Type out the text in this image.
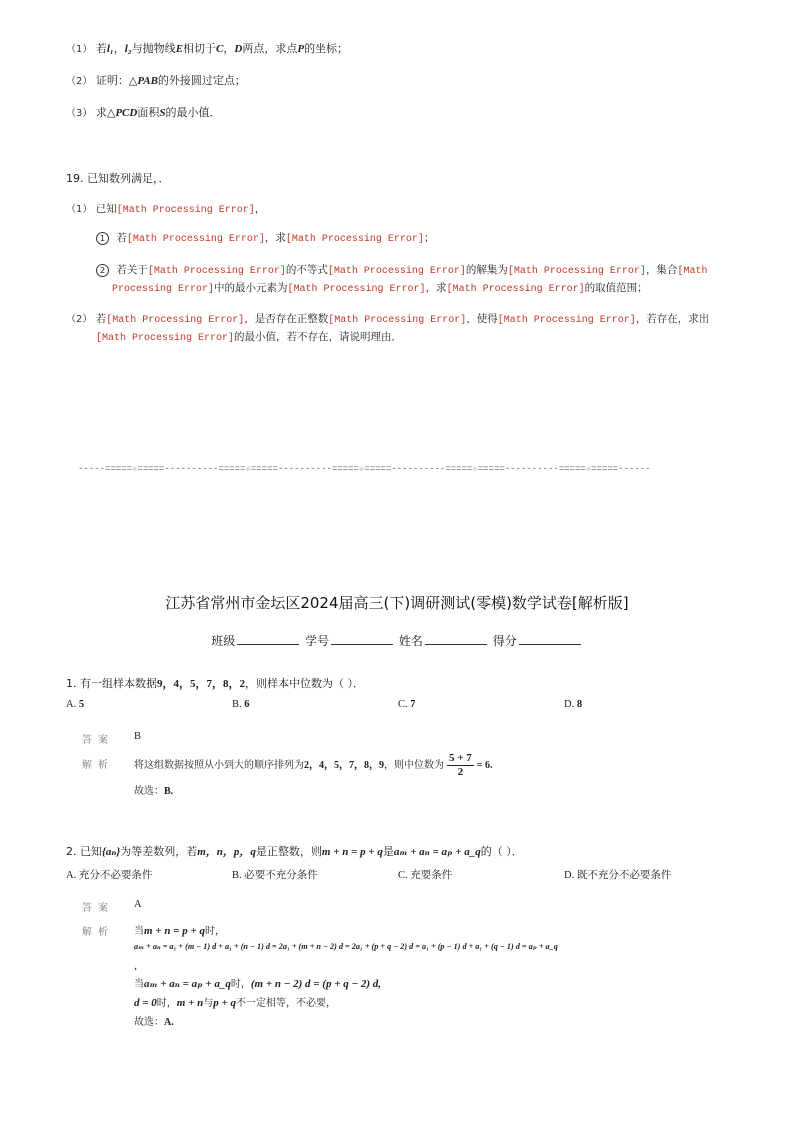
（1） 若l₁，l₂与抛物线E相切于C，D两点，求点P的坐标；
（2） 证明：△PAB的外接圆过定点；
（3） 求△PCD面积S的最小值．
19. 已知数列满足，．
（1） 已知[Math Processing Error]，
1 若[Math Processing Error]，求[Math Processing Error]；
2 若关于[Math Processing Error]的不等式[Math Processing Error]的解集为[Math Processing Error]，集合[Math
Processing Error]中的最小元素为[Math Processing Error]，求[Math Processing Error]的取值范围；
（2） 若[Math Processing Error]，是否存在正整数[Math Processing Error]，使得[Math Processing Error]，若存在，求出
[Math Processing Error]的最小值，若不存在，请说明理由．
-----=====☆=====----------=====☆=====----------=====☆=====----------=====☆=====----------=====☆=====------
江苏省常州市金坛区2024届高三(下)调研测试(零模)数学试卷[解析版]
班级	学号	姓名	得分
1. 有一组样本数据9，4，5，7，8，2，则样本中位数为（ ）．
A. 5	B. 6	C. 7	D. 8
答案 B
解析 将这组数据按照从小到大的顺序排列为2，4，5，7，8，9，则中位数为 $\frac{5 + 7}{2} = 6$.
故选：B.
2. 已知{aₙ}为等差数列，若m，n，p，q是正整数，则m + n = p + q是aₘ + aₙ = aₚ + a_q的（ ）．
A. 充分不必要条件	B. 必要不充分条件	C. 充要条件	D. 既不充分不必要条件
答案 A
解析 当m + n = p + q时，
aₘ + aₙ = a₁ + (m − 1) d + a₁ + (n − 1) d = 2a₁ + (m + n − 2) d = 2a₁ + (p + q − 2) d = a₁ + (p − 1) d + a₁ + (q − 1) d = aₚ + a_q
，
当aₘ + aₙ = aₚ + a_q时，(m + n − 2) d = (p + q − 2) d,
d = 0时，m + n与p + q不一定相等，不必要，
故选：A.
